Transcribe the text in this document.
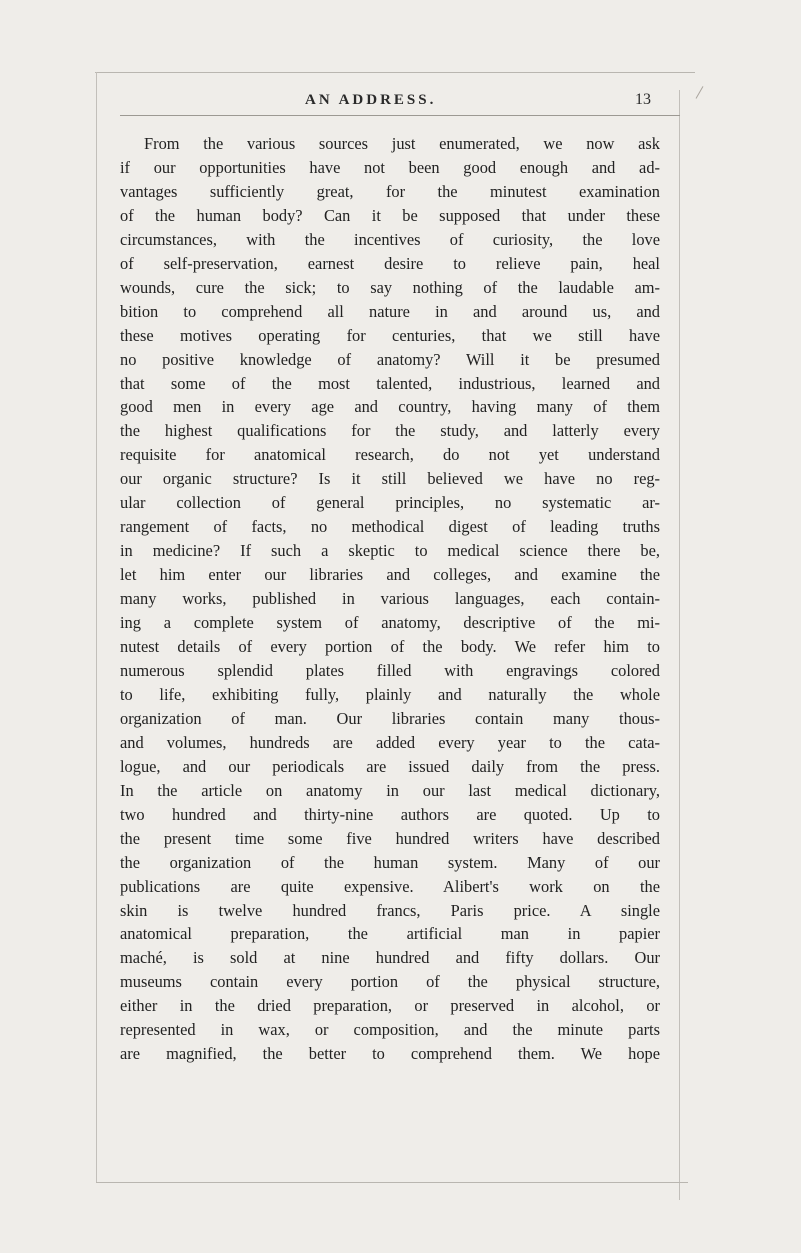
AN ADDRESS.	13
From the various sources just enumerated, we now ask
if our opportunities have not been good enough and ad-
vantages sufficiently great, for the minutest examination
of the human body? Can it be supposed that under these
circumstances, with the incentives of curiosity, the love
of self-preservation, earnest desire to relieve pain, heal
wounds, cure the sick; to say nothing of the laudable am-
bition to comprehend all nature in and around us, and
these motives operating for centuries, that we still have
no positive knowledge of anatomy? Will it be presumed
that some of the most talented, industrious, learned and
good men in every age and country, having many of them
the highest qualifications for the study, and latterly every
requisite for anatomical research, do not yet understand
our organic structure? Is it still believed we have no reg-
ular collection of general principles, no systematic ar-
rangement of facts, no methodical digest of leading truths
in medicine? If such a skeptic to medical science there be,
let him enter our libraries and colleges, and examine the
many works, published in various languages, each contain-
ing a complete system of anatomy, descriptive of the mi-
nutest details of every portion of the body. We refer him to
numerous splendid plates filled with engravings colored
to life, exhibiting fully, plainly and naturally the whole
organization of man. Our libraries contain many thous-
and volumes, hundreds are added every year to the cata-
logue, and our periodicals are issued daily from the press.
In the article on anatomy in our last medical dictionary,
two hundred and thirty-nine authors are quoted. Up to
the present time some five hundred writers have described
the organization of the human system. Many of our
publications are quite expensive. Alibert's work on the
skin is twelve hundred francs, Paris price. A single
anatomical preparation, the artificial man in papier
maché, is sold at nine hundred and fifty dollars. Our
museums contain every portion of the physical structure,
either in the dried preparation, or preserved in alcohol, or
represented in wax, or composition, and the minute parts
are magnified, the better to comprehend them. We hope
